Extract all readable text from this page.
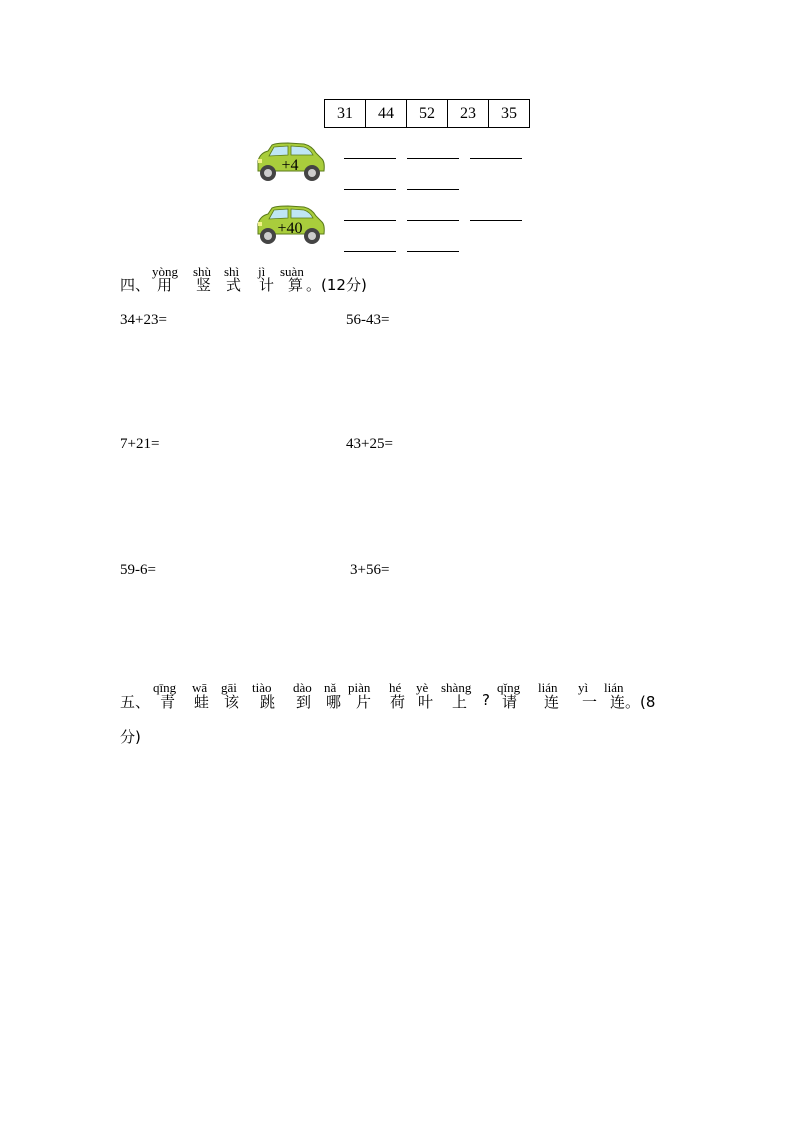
31	44	52	23	35
+4
+40
yòng shù shì jì suàn
四、 用 竖 式 计 算 。(12分)
34+23=	56-43=
7+21=	43+25=
59-6=	3+56=
qīng wā gāi tiào dào nǎ piàn hé yè shàng qǐng lián yì lián
五、 青 蛙 该 跳 到 哪 片 荷 叶 上 ? 请 连 一 连 。(8
分)
